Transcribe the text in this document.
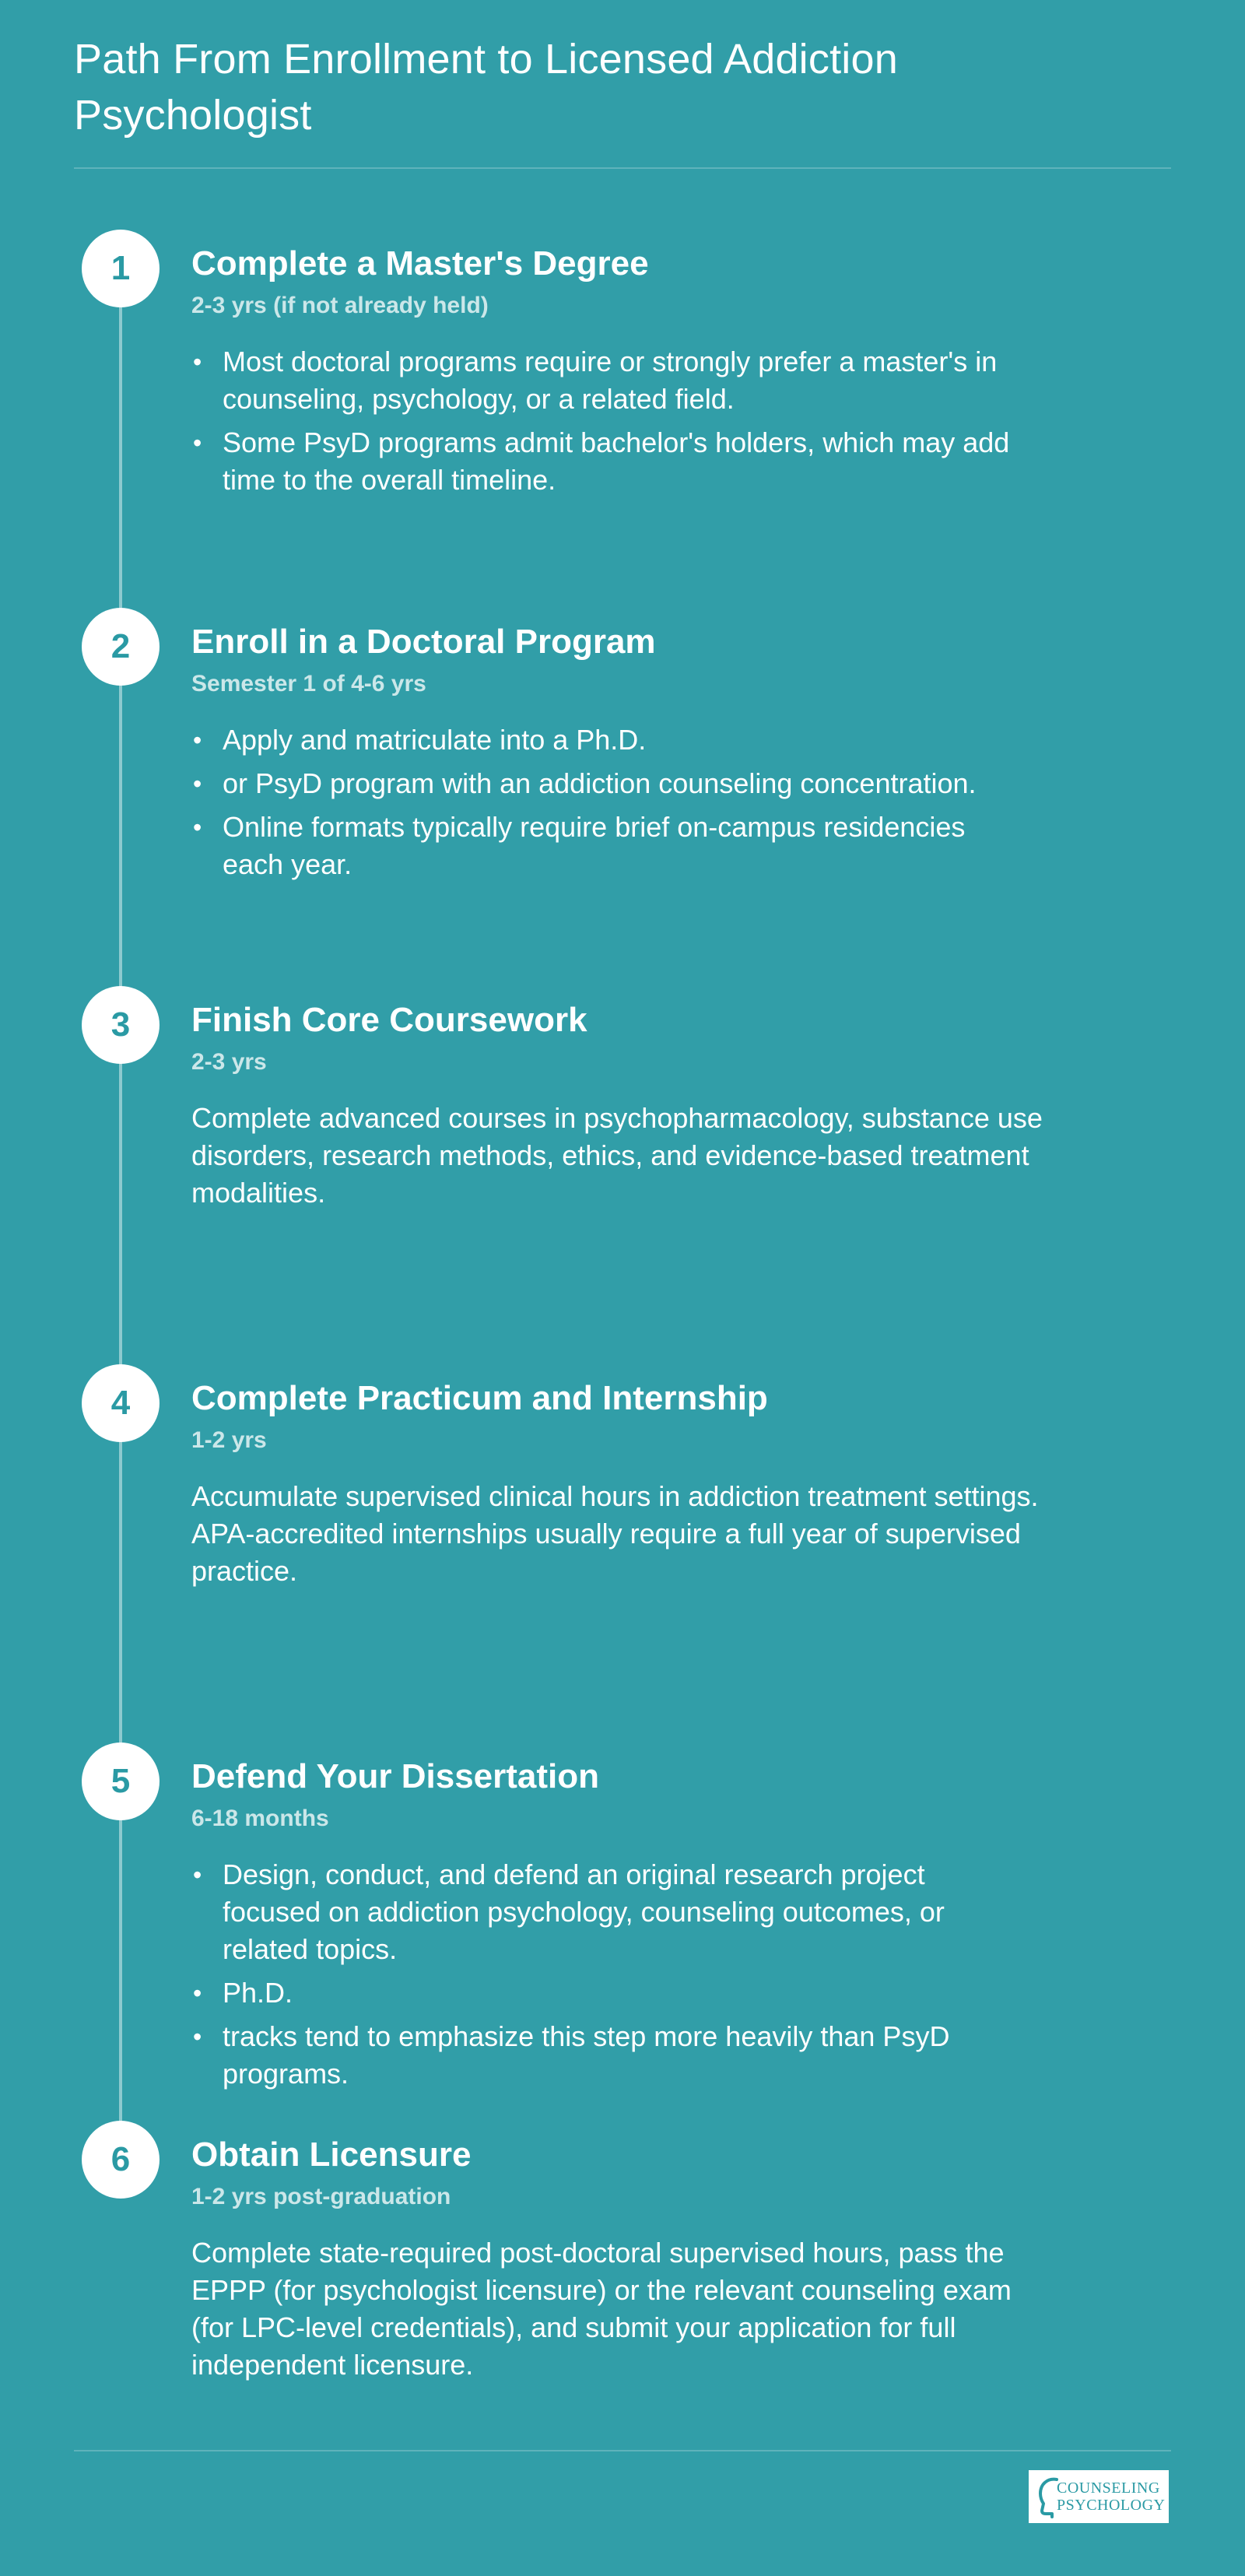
Path From Enrollment to Licensed Addiction Psychologist
1	Complete a Master's Degree
2-3 yrs (if not already held)
• Most doctoral programs require or strongly prefer a master's in counseling, psychology, or a related field.
• Some PsyD programs admit bachelor's holders, which may add time to the overall timeline.
2	Enroll in a Doctoral Program
Semester 1 of 4-6 yrs
• Apply and matriculate into a Ph.D.
• or PsyD program with an addiction counseling concentration.
• Online formats typically require brief on-campus residencies each year.
3	Finish Core Coursework
2-3 yrs
Complete advanced courses in psychopharmacology, substance use disorders, research methods, ethics, and evidence-based treatment modalities.
4	Complete Practicum and Internship
1-2 yrs
Accumulate supervised clinical hours in addiction treatment settings. APA-accredited internships usually require a full year of supervised practice.
5	Defend Your Dissertation
6-18 months
• Design, conduct, and defend an original research project focused on addiction psychology, counseling outcomes, or related topics.
• Ph.D.
• tracks tend to emphasize this step more heavily than PsyD programs.
6	Obtain Licensure
1-2 yrs post-graduation
Complete state-required post-doctoral supervised hours, pass the EPPP (for psychologist licensure) or the relevant counseling exam (for LPC-level credentials), and submit your application for full independent licensure.
COUNSELING
PSYCHOLOGY
